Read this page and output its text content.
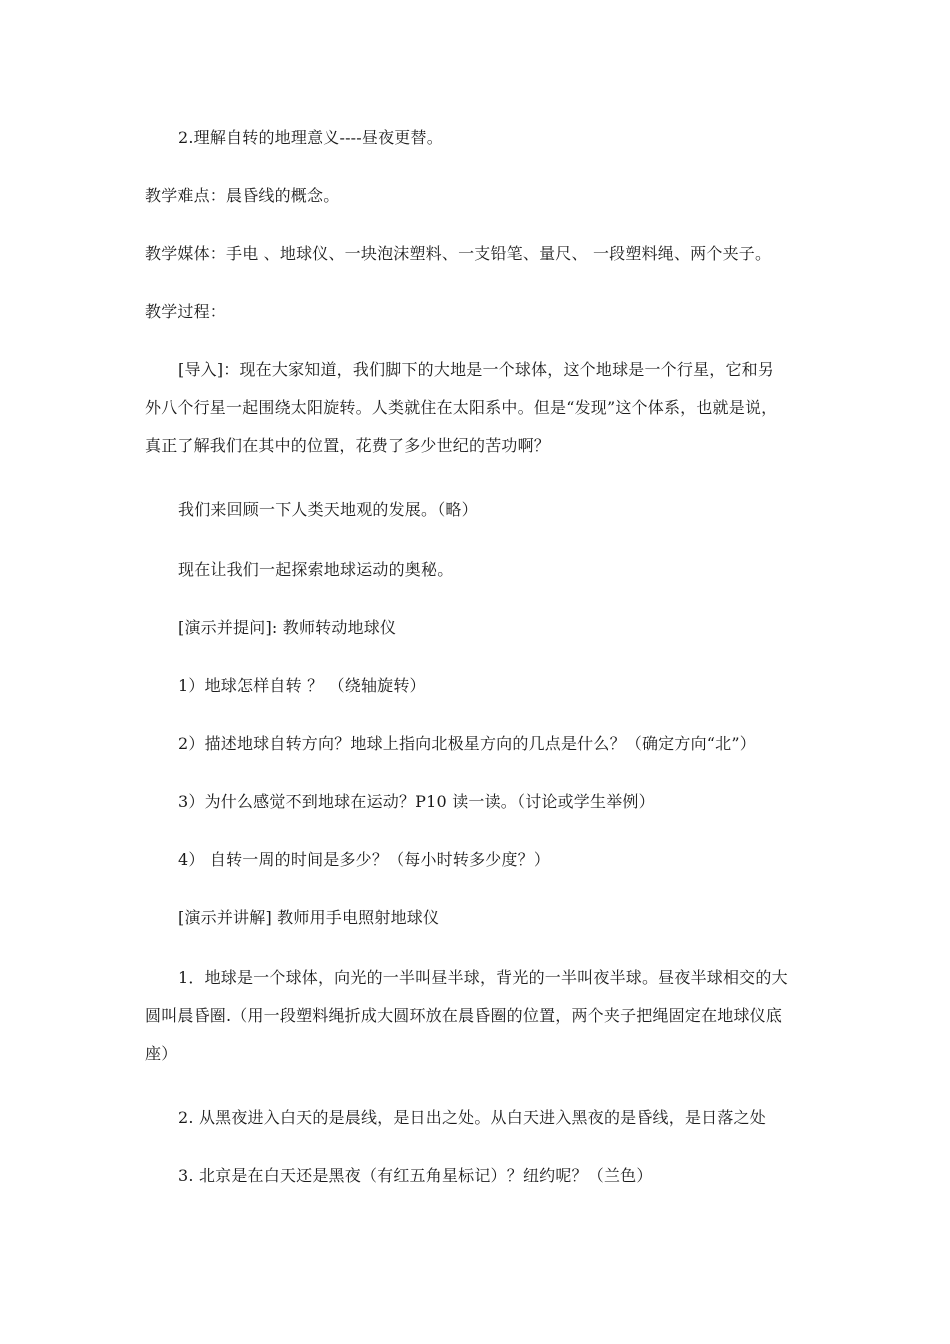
2.理解自转的地理意义----昼夜更替。
教学难点：晨昏线的概念。
教学媒体：手电 、地球仪、一块泡沫塑料、一支铅笔、量尺、 一段塑料绳、两个夹子。
教学过程：
[导入]：现在大家知道，我们脚下的大地是一个球体，这个地球是一个行星，它和另
外八个行星一起围绕太阳旋转。人类就住在太阳系中。但是“发现”这个体系，也就是说，
真正了解我们在其中的位置，花费了多少世纪的苦功啊？
我们来回顾一下人类天地观的发展。（略）
现在让我们一起探索地球运动的奥秘。
[演示并提问]: 教师转动地球仪
1）地球怎样自转 ？ （绕轴旋转）
2）描述地球自转方向？地球上指向北极星方向的几点是什么？（确定方向“北”）
3）为什么感觉不到地球在运动？P10 读一读。（讨论或学生举例）
4） 自转一周的时间是多少？（每小时转多少度？）
[演示并讲解] 教师用手电照射地球仪
1．地球是一个球体，向光的一半叫昼半球，背光的一半叫夜半球。昼夜半球相交的大
圆叫晨昏圈.（用一段塑料绳折成大圆环放在晨昏圈的位置，两个夹子把绳固定在地球仪底
座）
2. 从黑夜进入白天的是晨线，是日出之处。从白天进入黑夜的是昏线，是日落之处
3. 北京是在白天还是黑夜（有红五角星标记）？纽约呢？（兰色）
